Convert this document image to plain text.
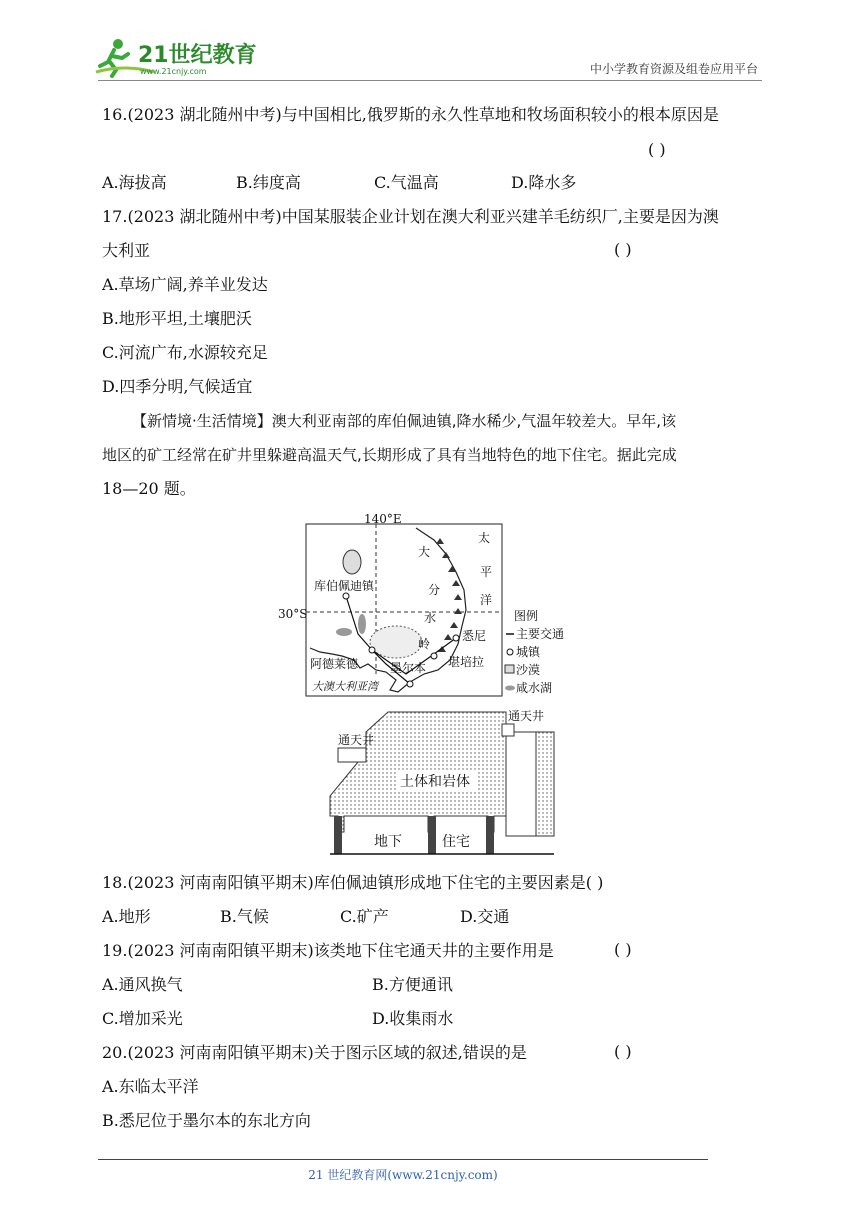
21世纪教育
www.21cnjy.com	中小学教育资源及组卷应用平台
16.(2023 湖北随州中考)与中国相比,俄罗斯的永久性草地和牧场面积较小的根本原因是
( )
A.海拔高	B.纬度高	C.气温高	D.降水多
17.(2023 湖北随州中考)中国某服装企业计划在澳大利亚兴建羊毛纺织厂,主要是因为澳
大利亚	( )
A.草场广阔,养羊业发达
B.地形平坦,土壤肥沃
C.河流广布,水源较充足
D.四季分明,气候适宜
【新情境·生活情境】澳大利亚南部的库伯佩迪镇,降水稀少,气温年较差大。早年,该
地区的矿工经常在矿井里躲避高温天气,长期形成了具有当地特色的地下住宅。据此完成
18—20 题。
140°E
30°S
大
分
水
岭
太
平
洋
库伯佩迪镇
悉尼
堪培拉
阿德莱德	墨尔本
大澳大利亚湾
图例
主要交通
城镇
沙漠
咸水湖
通天井
通天井
土体和岩体
地下	住宅
18.(2023 河南南阳镇平期末)库伯佩迪镇形成地下住宅的主要因素是( )
A.地形	B.气候	C.矿产	D.交通
19.(2023 河南南阳镇平期末)该类地下住宅通天井的主要作用是	( )
A.通风换气	B.方便通讯
C.增加采光	D.收集雨水
20.(2023 河南南阳镇平期末)关于图示区域的叙述,错误的是	( )
A.东临太平洋
B.悉尼位于墨尔本的东北方向
21 世纪教育网(www.21cnjy.com)
